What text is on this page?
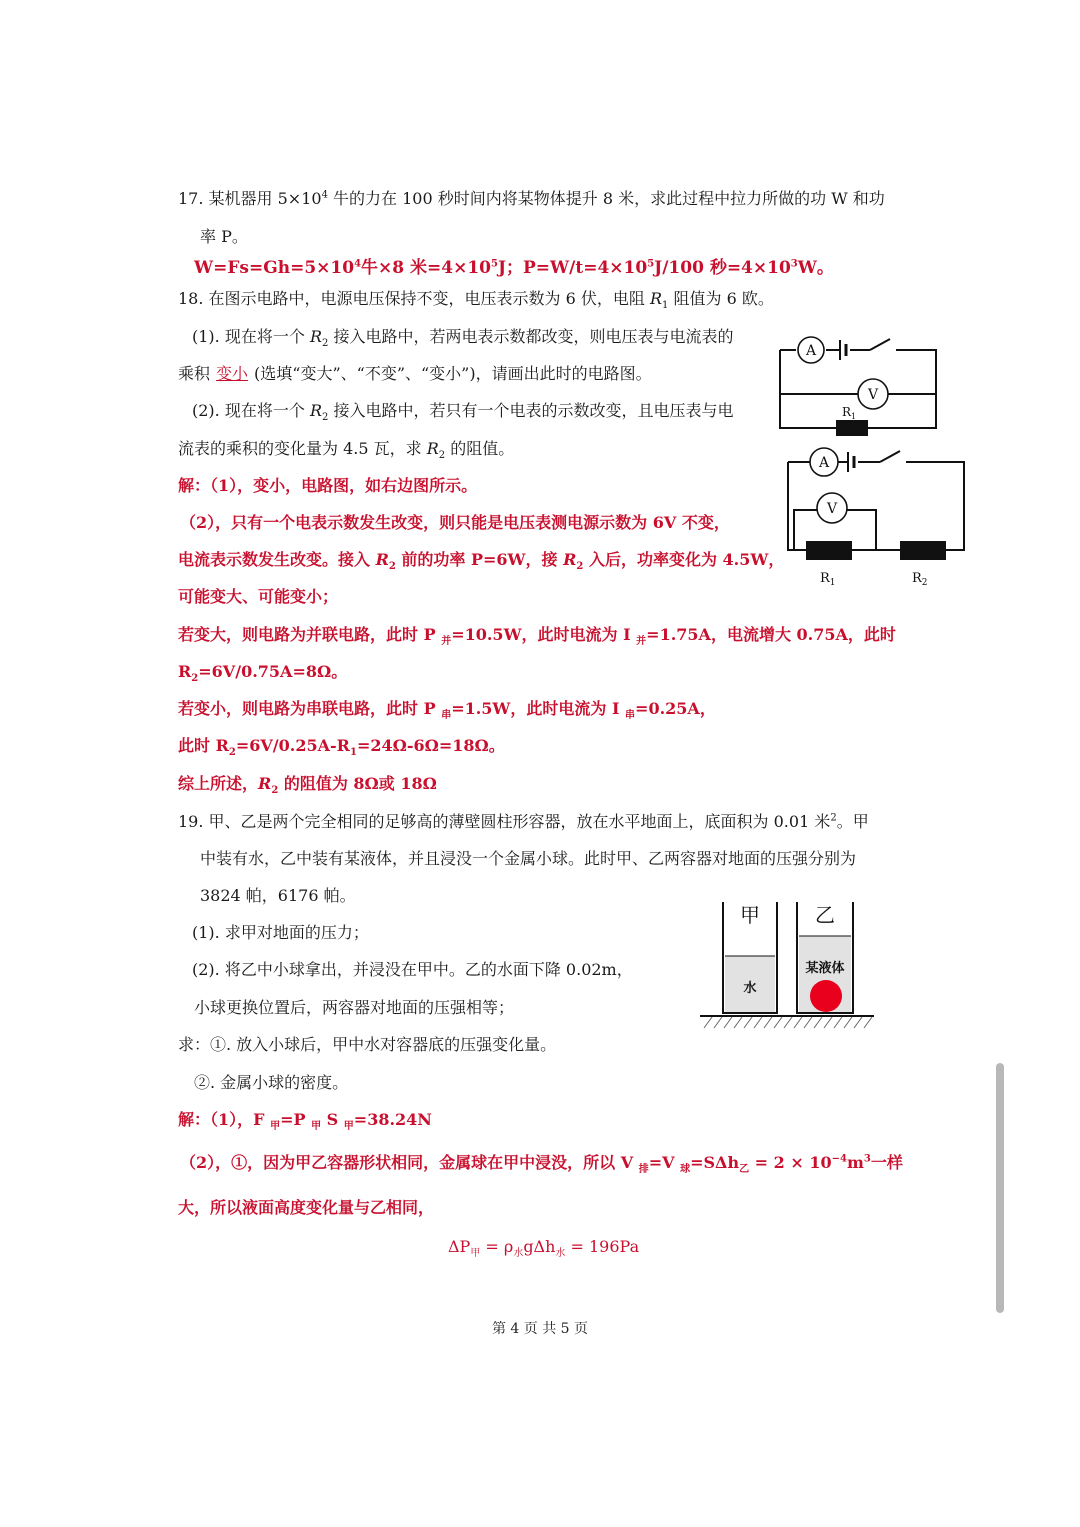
17. 某机器用 $5\times 10^4$ 牛的力在 100 秒时间内将某物体提升 8 米，求此过程中拉力所做的功 W 和功

率 P。

$W=Fs=Gh=5\times 10^4$牛×8 米$=4\times 10^5J$；$P=W/t=4\times 10^5J/100$ 秒$=4\times 10^3W$。

18. 在图示电路中，电源电压保持不变，电压表示数为 6 伏，电阻 $R_1$ 阻值为 6 欧。

(1). 现在将一个 $R_2$ 接入电路中，若两电表示数都改变，则电压表与电流表的

乘积 变小 (选填“变大”、“不变”、“变小”)，请画出此时的电路图。

(2). 现在将一个 $R_2$ 接入电路中，若只有一个电表的示数改变，且电压表与电

流表的乘积的变化量为 4.5 瓦，求 $R_2$ 的阻值。

解：（1），变小，电路图，如右边图所示。

（2），只有一个电表示数发生改变，则只能是电压表测电源示数为 6V 不变，

电流表示数发生改变。接入 $R_2$ 前的功率 P=6W，接 $R_2$ 入后，功率变化为 4.5W，

可能变大、可能变小；

若变大，则电路为并联电路，此时 P $_并$=10.5W，此时电流为 I $_并$=1.75A，电流增大 0.75A，此时

$R_2=6V/0.75A=8\Omega$。

若变小，则电路为串联电路，此时 P $_串$=1.5W，此时电流为 I $_串$=0.25A，

此时 $R_2=6V/0.25A-R_1=24\Omega-6\Omega=18\Omega$。

综上所述，$R_2$ 的阻值为 8Ω或 18Ω

A
V
$R_1$
A
V
$R_1$	$R_2$

19. 甲、乙是两个完全相同的足够高的薄壁圆柱形容器，放在水平地面上，底面积为 0.01 米$^2$。甲

中装有水，乙中装有某液体，并且浸没一个金属小球。此时甲、乙两容器对地面的压强分别为

3824 帕，6176 帕。

(1). 求甲对地面的压力；

(2). 将乙中小球拿出，并浸没在甲中。乙的水面下降 0.02m，

小球更换位置后，两容器对地面的压强相等；

求：①. 放入小球后，甲中水对容器底的压强变化量。

②. 金属小球的密度。

解：（1），F $_甲$=P $_甲$ S $_甲$=38.24N

（2），①，因为甲乙容器形状相同，金属球在甲中浸没，所以 V $_排$=V $_球=S\Delta h_乙 = 2 \times 10^{-4}m^3$一样

大，所以液面高度变化量与乙相同，

$\Delta P_甲 = \rho_水g\Delta h_水 = 196Pa$

甲	乙
水
某液体
第 4 页 共 5 页
